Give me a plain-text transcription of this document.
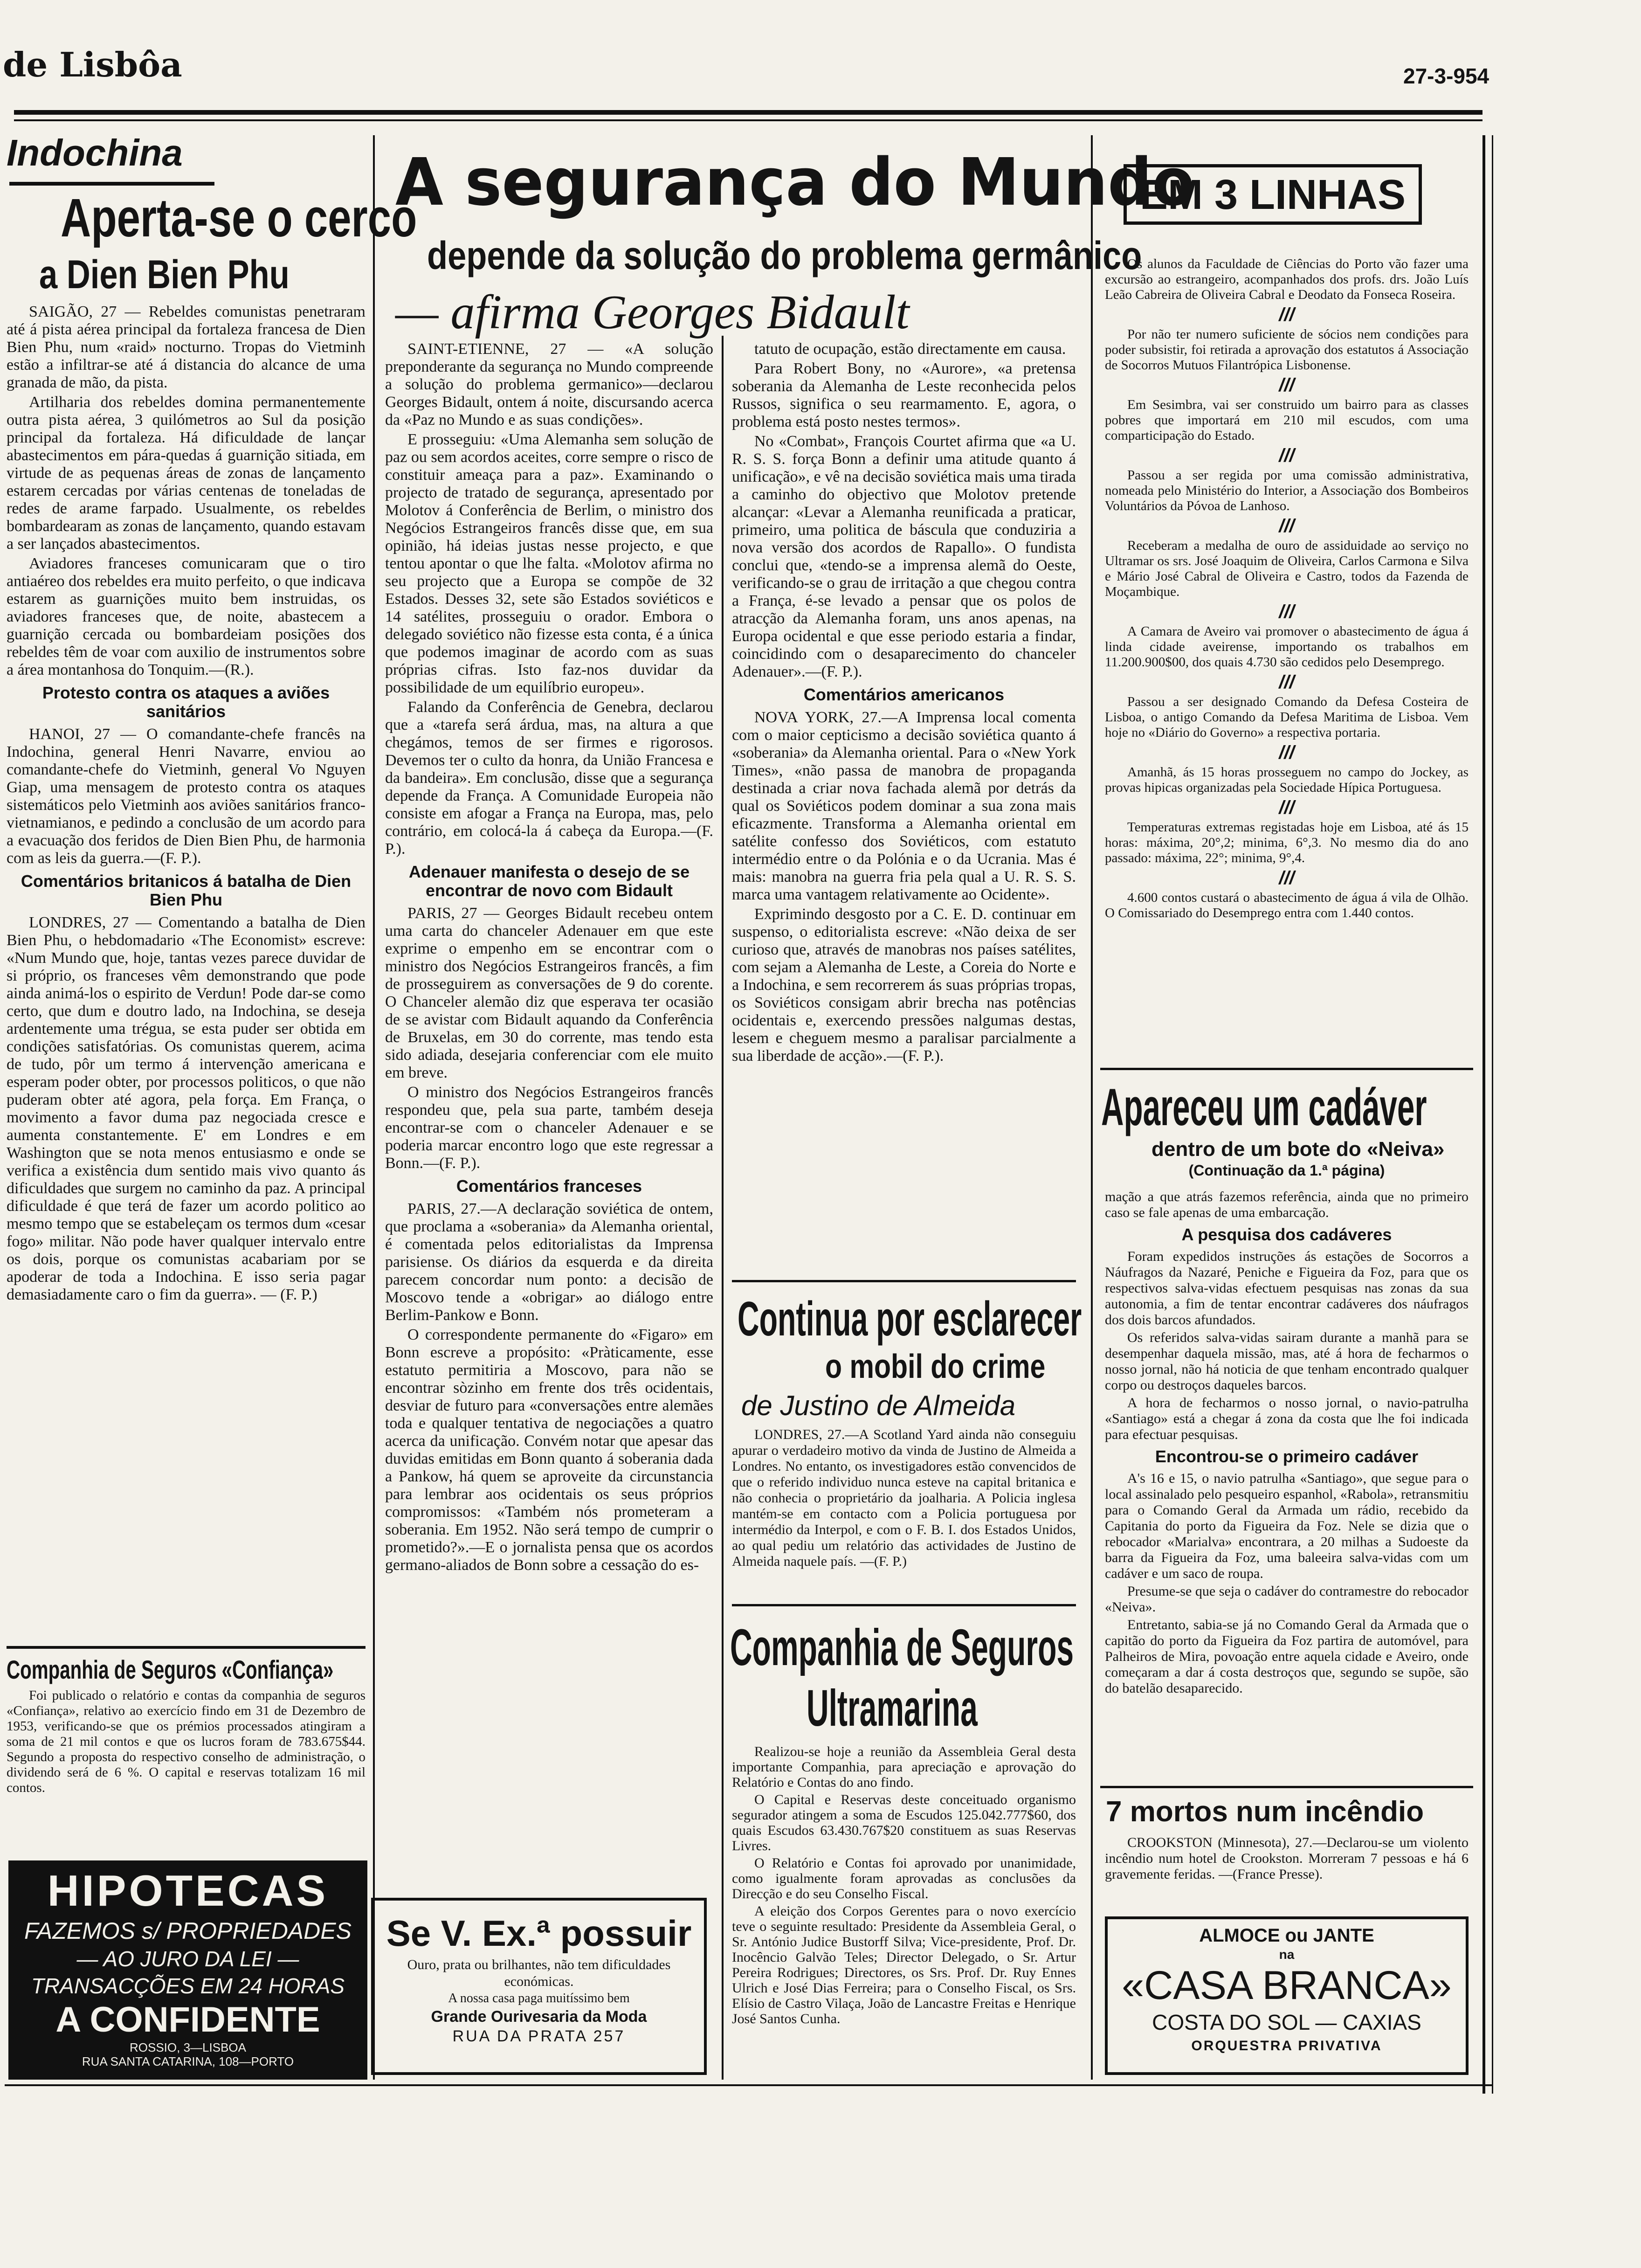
de Lisbôa	27-3-954
Indochina
Aperta-se o cerco
a Dien Bien Phu

SAIGÃO, 27 — Rebeldes comunistas penetraram até á pista aérea principal da fortaleza francesa de Dien Bien Phu, num «raid» nocturno. Tropas do Vietminh estão a infiltrar-se até á distancia do alcance de uma granada de mão, da pista.

Artilharia dos rebeldes domina permanentemente outra pista aérea, 3 quilómetros ao Sul da posição principal da fortaleza. Há dificuldade de lançar abastecimentos em pára-quedas á guarnição sitiada, em virtude de as pequenas áreas de zonas de lançamento estarem cercadas por várias centenas de toneladas de redes de arame farpado. Usualmente, os rebeldes bombardearam as zonas de lançamento, quando estavam a ser lançados abastecimentos.

Aviadores franceses comunicaram que o tiro antiaéreo dos rebeldes era muito perfeito, o que indicava estarem as guarnições muito bem instruidas, os aviadores franceses que, de noite, abastecem a guarnição cercada ou bombardeiam posições dos rebeldes têm de voar com auxilio de instrumentos sobre a área montanhosa do Tonquim.—(R.).

Protesto contra os ataques a aviões sanitários

HANOI, 27 — O comandante-chefe francês na Indochina, general Henri Navarre, enviou ao comandante-chefe do Vietminh, general Vo Nguyen Giap, uma mensagem de protesto contra os ataques sistemáticos pelo Vietminh aos aviões sanitários franco-vietnamianos, e pedindo a conclusão de um acordo para a evacuação dos feridos de Dien Bien Phu, de harmonia com as leis da guerra.—(F. P.).

Comentários britanicos á batalha de Dien Bien Phu

LONDRES, 27 — Comentando a batalha de Dien Bien Phu, o hebdomadario «The Economist» escreve: «Num Mundo que, hoje, tantas vezes parece duvidar de si próprio, os franceses vêm demonstrando que pode ainda animá-los o espirito de Verdun! Pode dar-se como certo, que dum e doutro lado, na Indochina, se deseja ardentemente uma trégua, se esta puder ser obtida em condições satisfatórias. Os comunistas querem, acima de tudo, pôr um termo á intervenção americana e esperam poder obter, por processos politicos, o que não puderam obter até agora, pela força. Em França, o movimento a favor duma paz negociada cresce e aumenta constantemente. E' em Londres e em Washington que se nota menos entusiasmo e onde se verifica a existência dum sentido mais vivo quanto ás dificuldades que surgem no caminho da paz. A principal dificuldade é que terá de fazer um acordo politico ao mesmo tempo que se estabeleçam os termos dum «cesar fogo» militar. Não pode haver qualquer intervalo entre os dois, porque os comunistas acabariam por se apoderar de toda a Indochina. E isso seria pagar demasiadamente caro o fim da guerra». — (F. P.)

Companhia de Seguros «Confiança»

Foi publicado o relatório e contas da companhia de seguros «Confiança», relativo ao exercício findo em 31 de Dezembro de 1953, verificando-se que os prémios processados atingiram a soma de 21 mil contos e que os lucros foram de 783.675$44. Segundo a proposta do respectivo conselho de administração, o dividendo será de 6 %. O capital e reservas totalizam 16 mil contos.

HIPOTECAS
FAZEMOS s/ PROPRIEDADES
— AO JURO DA LEI —
TRANSACÇÕES EM 24 HORAS
A CONFIDENTE
ROSSIO, 3—LISBOA
RUA SANTA CATARINA, 108—PORTO
A segurança do Mundo
depende da solução do problema germânico
— afirma Georges Bidault

SAINT-ETIENNE, 27 — «A solução preponderante da segurança no Mundo compreende a solução do problema germanico»—declarou Georges Bidault, ontem á noite, discursando acerca da «Paz no Mundo e as suas condições».

E prosseguiu: «Uma Alemanha sem solução de paz ou sem acordos aceites, corre sempre o risco de constituir ameaça para a paz». Examinando o projecto de tratado de segurança, apresentado por Molotov á Conferência de Berlim, o ministro dos Negócios Estrangeiros francês disse que, em sua opinião, há ideias justas nesse projecto, e que tentou apontar o que lhe falta. «Molotov afirma no seu projecto que a Europa se compõe de 32 Estados. Desses 32, sete são Estados soviéticos e 14 satélites, prosseguiu o orador. Embora o delegado soviético não fizesse esta conta, é a única que podemos imaginar de acordo com as suas próprias cifras. Isto faz-nos duvidar da possibilidade de um equilíbrio europeu».

Falando da Conferência de Genebra, declarou que a «tarefa será árdua, mas, na altura a que chegámos, temos de ser firmes e rigorosos. Devemos ter o culto da honra, da União Francesa e da bandeira». Em conclusão, disse que a segurança depende da França. A Comunidade Europeia não consiste em afogar a França na Europa, mas, pelo contrário, em colocá-la á cabeça da Europa.—(F. P.).

Adenauer manifesta o desejo de se encontrar de novo com Bidault

PARIS, 27 — Georges Bidault recebeu ontem uma carta do chanceler Adenauer em que este exprime o empenho em se encontrar com o ministro dos Negócios Estrangeiros francês, a fim de prosseguirem as conversações de 9 do corente. O Chanceler alemão diz que esperava ter ocasião de se avistar com Bidault aquando da Conferência de Bruxelas, em 30 do corrente, mas tendo esta sido adiada, desejaria conferenciar com ele muito em breve.

O ministro dos Negócios Estrangeiros francês respondeu que, pela sua parte, também deseja encontrar-se com o chanceler Adenauer e se poderia marcar encontro logo que este regressar a Bonn.—(F. P.).

Comentários franceses

PARIS, 27.—A declaração soviética de ontem, que proclama a «soberania» da Alemanha oriental, é comentada pelos editorialistas da Imprensa parisiense. Os diários da esquerda e da direita parecem concordar num ponto: a decisão de Moscovo tende a «obrigar» ao diálogo entre Berlim-Pankow e Bonn.

O correspondente permanente do «Figaro» em Bonn escreve a propósito: «Pràticamente, esse estatuto permitiria a Moscovo, para não se encontrar sòzinho em frente dos três ocidentais, desviar de futuro para «conversações entre alemães toda e qualquer tentativa de negociações a quatro acerca da unificação. Convém notar que apesar das duvidas emitidas em Bonn quanto á soberania dada a Pankow, há quem se aproveite da circunstancia para lembrar aos ocidentais os seus próprios compromissos: «Também nós prometeram a soberania. Em 1952. Não será tempo de cumprir o prometido?».—E o jornalista pensa que os acordos germano-aliados de Bonn sobre a cessação do es-

tatuto de ocupação, estão directamente em causa.

Para Robert Bony, no «Aurore», «a pretensa soberania da Alemanha de Leste reconhecida pelos Russos, significa o seu rearmamento. E, agora, o problema está posto nestes termos».

No «Combat», François Courtet afirma que «a U. R. S. S. força Bonn a definir uma atitude quanto á unificação», e vê na decisão soviética mais uma tirada a caminho do objectivo que Molotov pretende alcançar: «Levar a Alemanha reunificada a praticar, primeiro, uma politica de báscula que conduziria a nova versão dos acordos de Rapallo». O fundista conclui que, «tendo-se a imprensa alemã do Oeste, verificando-se o grau de irritação a que chegou contra a França, é-se levado a pensar que os polos de atracção da Alemanha foram, uns anos apenas, na Europa ocidental e que esse periodo estaria a findar, coincidindo com o desaparecimento do chanceler Adenauer».—(F. P.).

Comentários americanos

NOVA YORK, 27.—A Imprensa local comenta com o maior cepticismo a decisão soviética quanto á «soberania» da Alemanha oriental. Para o «New York Times», «não passa de manobra de propaganda destinada a criar nova fachada alemã por detrás da qual os Soviéticos podem dominar a sua zona mais eficazmente. Transforma a Alemanha oriental em satélite confesso dos Soviéticos, com estatuto intermédio entre o da Polónia e o da Ucrania. Mas é mais: manobra na guerra fria pela qual a U. R. S. S. marca uma vantagem relativamente ao Ocidente».

Exprimindo desgosto por a C. E. D. continuar em suspenso, o editorialista escreve: «Não deixa de ser curioso que, através de manobras nos países satélites, com sejam a Alemanha de Leste, a Coreia do Norte e a Indochina, e sem recorrerem ás suas próprias tropas, os Soviéticos consigam abrir brecha nas potências ocidentais e, exercendo pressões nalgumas destas, lesem e cheguem mesmo a paralisar parcialmente a sua liberdade de acção».—(F. P.).

Continua por esclarecer
o mobil do crime
de Justino de Almeida

LONDRES, 27.—A Scotland Yard ainda não conseguiu apurar o verdadeiro motivo da vinda de Justino de Almeida a Londres. No entanto, os investigadores estão convencidos de que o referido individuo nunca esteve na capital britanica e não conhecia o proprietário da joalharia. A Policia inglesa mantém-se em contacto com a Policia portuguesa por intermédio da Interpol, e com o F. B. I. dos Estados Unidos, ao qual pediu um relatório das actividades de Justino de Almeida naquele país. —(F. P.)

Companhia de Seguros
Ultramarina

Realizou-se hoje a reunião da Assembleia Geral desta importante Companhia, para apreciação e aprovação do Relatório e Contas do ano findo.

O Capital e Reservas deste conceituado organismo segurador atingem a soma de Escudos 125.042.777$60, dos quais Escudos 63.430.767$20 constituem as suas Reservas Livres.

O Relatório e Contas foi aprovado por unanimidade, como igualmente foram aprovadas as conclusões da Direcção e do seu Conselho Fiscal.

A eleição dos Corpos Gerentes para o novo exercício teve o seguinte resultado: Presidente da Assembleia Geral, o Sr. António Judice Bustorff Silva; Vice-presidente, Prof. Dr. Inocêncio Galvão Teles; Director Delegado, o Sr. Artur Pereira Rodrigues; Directores, os Srs. Prof. Dr. Ruy Ennes Ulrich e José Dias Ferreira; para o Conselho Fiscal, os Srs. Elísio de Castro Vilaça, João de Lancastre Freitas e Henrique José Santos Cunha.

Se V. Ex.ª possuir
Ouro, prata ou brilhantes, não tem dificuldades económicas.
A nossa casa paga muitíssimo bem
Grande Ourivesaria da Moda
RUA DA PRATA 257
EM 3 LINHAS

Os alunos da Faculdade de Ciências do Porto vão fazer uma excursão ao estrangeiro, acompanhados dos profs. drs. João Luís Leão Cabreira de Oliveira Cabral e Deodato da Fonseca Roseira.

///

Por não ter numero suficiente de sócios nem condições para poder subsistir, foi retirada a aprovação dos estatutos á Associação de Socorros Mutuos Filantrópica Lisbonense.

///

Em Sesimbra, vai ser construido um bairro para as classes pobres que importará em 210 mil escudos, com uma comparticipação do Estado.

///

Passou a ser regida por uma comissão administrativa, nomeada pelo Ministério do Interior, a Associação dos Bombeiros Voluntários da Póvoa de Lanhoso.

///

Receberam a medalha de ouro de assiduidade ao serviço no Ultramar os srs. José Joaquim de Oliveira, Carlos Carmona e Silva e Mário José Cabral de Oliveira e Castro, todos da Fazenda de Moçambique.

///

A Camara de Aveiro vai promover o abastecimento de água á linda cidade aveirense, importando os trabalhos em 11.200.900$00, dos quais 4.730 são cedidos pelo Desemprego.

///

Passou a ser designado Comando da Defesa Costeira de Lisboa, o antigo Comando da Defesa Maritima de Lisboa. Vem hoje no «Diário do Governo» a respectiva portaria.

///

Amanhã, ás 15 horas prosseguem no campo do Jockey, as provas hipicas organizadas pela Sociedade Hípica Portuguesa.

///

Temperaturas extremas registadas hoje em Lisboa, até ás 15 horas: máxima, 20°,2; minima, 6°,3. No mesmo dia do ano passado: máxima, 22°; minima, 9°,4.

///

4.600 contos custará o abastecimento de água á vila de Olhão. O Comissariado do Desemprego entra com 1.440 contos.

Apareceu um cadáver
dentro de um bote do «Neiva»
(Continuação da 1.ª página)

mação a que atrás fazemos referência, ainda que no primeiro caso se fale apenas de uma embarcação.

A pesquisa dos cadáveres

Foram expedidos instruções ás estações de Socorros a Náufragos da Nazaré, Peniche e Figueira da Foz, para que os respectivos salva-vidas efectuem pesquisas nas zonas da sua autonomia, a fim de tentar encontrar cadáveres dos náufragos dos dois barcos afundados.

Os referidos salva-vidas sairam durante a manhã para se desempenhar daquela missão, mas, até á hora de fecharmos o nosso jornal, não há noticia de que tenham encontrado qualquer corpo ou destroços daqueles barcos.

A hora de fecharmos o nosso jornal, o navio-patrulha «Santiago» está a chegar á zona da costa que lhe foi indicada para efectuar pesquisas.

Encontrou-se o primeiro cadáver

A's 16 e 15, o navio patrulha «Santiago», que segue para o local assinalado pelo pesqueiro espanhol, «Rabola», retransmitiu para o Comando Geral da Armada um rádio, recebido da Capitania do porto da Figueira da Foz. Nele se dizia que o rebocador «Marialva» encontrara, a 20 milhas a Sudoeste da barra da Figueira da Foz, uma baleeira salva-vidas com um cadáver e um saco de roupa.

Presume-se que seja o cadáver do contramestre do rebocador «Neiva».

Entretanto, sabia-se já no Comando Geral da Armada que o capitão do porto da Figueira da Foz partira de automóvel, para Palheiros de Mira, povoação entre aquela cidade e Aveiro, onde começaram a dar á costa destroços que, segundo se supõe, são do batelão desaparecido.

7 mortos num incêndio

CROOKSTON (Minnesota), 27.—Declarou-se um violento incêndio num hotel de Crookston. Morreram 7 pessoas e há 6 gravemente feridas. —(France Presse).

ALMOCE ou JANTE
na
«CASA BRANCA»
COSTA DO SOL — CAXIAS
ORQUESTRA PRIVATIVA
